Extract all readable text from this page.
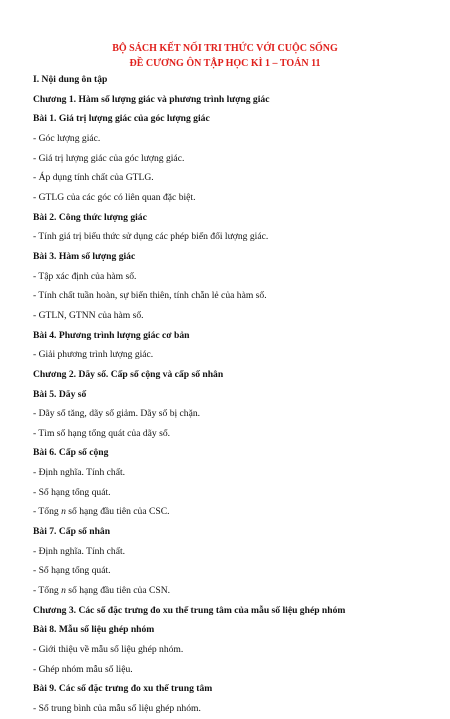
BỘ SÁCH KẾT NỐI TRI THỨC VỚI CUỘC SỐNG
ĐỀ CƯƠNG ÔN TẬP HỌC KÌ 1 – TOÁN 11
I. Nội dung ôn tập
Chương 1. Hàm số lượng giác và phương trình lượng giác
Bài 1. Giá trị lượng giác của góc lượng giác
- Góc lượng giác.
- Giá trị lượng giác của góc lượng giác.
- Áp dụng tính chất của GTLG.
- GTLG của các góc có liên quan đặc biệt.
Bài 2. Công thức lượng giác
- Tính giá trị biểu thức sử dụng các phép biến đổi lượng giác.
Bài 3. Hàm số lượng giác
- Tập xác định của hàm số.
- Tính chất tuần hoàn, sự biến thiên, tính chẵn lẻ của hàm số.
- GTLN, GTNN của hàm số.
Bài 4. Phương trình lượng giác cơ bản
- Giải phương trình lượng giác.
Chương 2. Dãy số. Cấp số cộng và cấp số nhân
Bài 5. Dãy số
- Dãy số tăng, dãy số giảm. Dãy số bị chặn.
- Tìm số hạng tổng quát của dãy số.
Bài 6. Cấp số cộng
- Định nghĩa. Tính chất.
- Số hạng tổng quát.
- Tổng n số hạng đầu tiên của CSC.
Bài 7. Cấp số nhân
- Định nghĩa. Tính chất.
- Số hạng tổng quát.
- Tổng n số hạng đầu tiên của CSN.
Chương 3. Các số đặc trưng đo xu thế trung tâm của mẫu số liệu ghép nhóm
Bài 8. Mẫu số liệu ghép nhóm
- Giới thiệu về mẫu số liệu ghép nhóm.
- Ghép nhóm mẫu số liệu.
Bài 9. Các số đặc trưng đo xu thế trung tâm
- Số trung bình của mẫu số liệu ghép nhóm.
